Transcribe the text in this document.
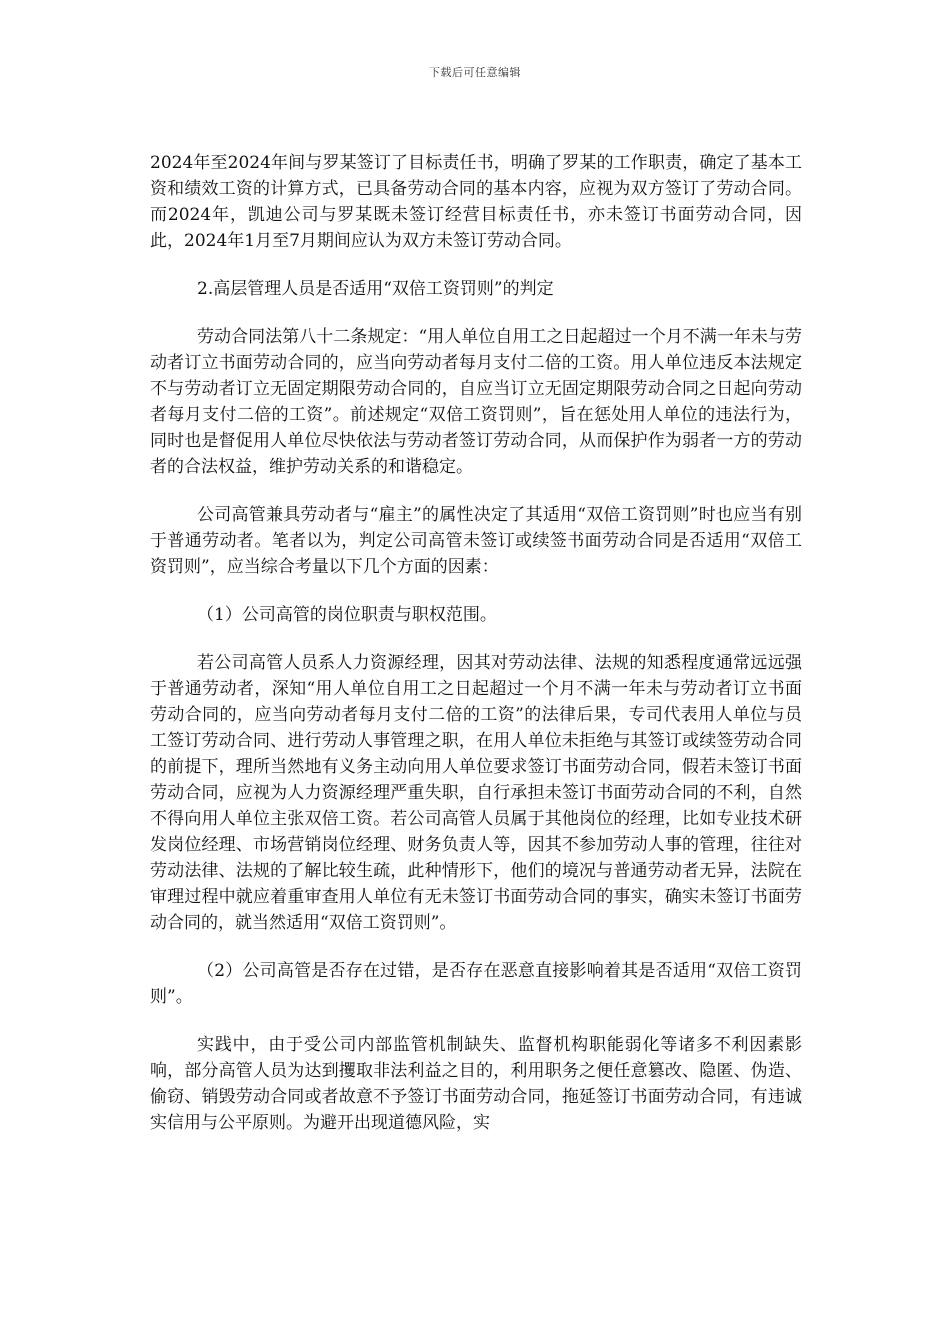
下载后可任意编辑

2024年至2024年间与罗某签订了目标责任书，明确了罗某的工作职责，确定了基本工资和绩效工资的计算方式，已具备劳动合同的基本内容，应视为双方签订了劳动合同。而2024年，凯迪公司与罗某既未签订经营目标责任书，亦未签订书面劳动合同，因此，2024年1月至7月期间应认为双方未签订劳动合同。

2.高层管理人员是否适用“双倍工资罚则”的判定

劳动合同法第八十二条规定：“用人单位自用工之日起超过一个月不满一年未与劳动者订立书面劳动合同的，应当向劳动者每月支付二倍的工资。用人单位违反本法规定不与劳动者订立无固定期限劳动合同的，自应当订立无固定期限劳动合同之日起向劳动者每月支付二倍的工资”。前述规定“双倍工资罚则”，旨在惩处用人单位的违法行为，同时也是督促用人单位尽快依法与劳动者签订劳动合同，从而保护作为弱者一方的劳动者的合法权益，维护劳动关系的和谐稳定。

公司高管兼具劳动者与“雇主”的属性决定了其适用“双倍工资罚则”时也应当有别于普通劳动者。笔者以为，判定公司高管未签订或续签书面劳动合同是否适用“双倍工资罚则”，应当综合考量以下几个方面的因素：

（1）公司高管的岗位职责与职权范围。

若公司高管人员系人力资源经理，因其对劳动法律、法规的知悉程度通常远远强于普通劳动者，深知“用人单位自用工之日起超过一个月不满一年未与劳动者订立书面劳动合同的，应当向劳动者每月支付二倍的工资”的法律后果，专司代表用人单位与员工签订劳动合同、进行劳动人事管理之职，在用人单位未拒绝与其签订或续签劳动合同的前提下，理所当然地有义务主动向用人单位要求签订书面劳动合同，假若未签订书面劳动合同，应视为人力资源经理严重失职，自行承担未签订书面劳动合同的不利，自然不得向用人单位主张双倍工资。若公司高管人员属于其他岗位的经理，比如专业技术研发岗位经理、市场营销岗位经理、财务负责人等，因其不参加劳动人事的管理，往往对劳动法律、法规的了解比较生疏，此种情形下，他们的境况与普通劳动者无异，法院在审理过程中就应着重审查用人单位有无未签订书面劳动合同的事实，确实未签订书面劳动合同的，就当然适用“双倍工资罚则”。

（2）公司高管是否存在过错，是否存在恶意直接影响着其是否适用“双倍工资罚则”。

实践中，由于受公司内部监管机制缺失、监督机构职能弱化等诸多不利因素影响，部分高管人员为达到攫取非法利益之目的，利用职务之便任意篡改、隐匿、伪造、偷窃、销毁劳动合同或者故意不予签订书面劳动合同，拖延签订书面劳动合同，有违诚实信用与公平原则。为避开出现道德风险，实
